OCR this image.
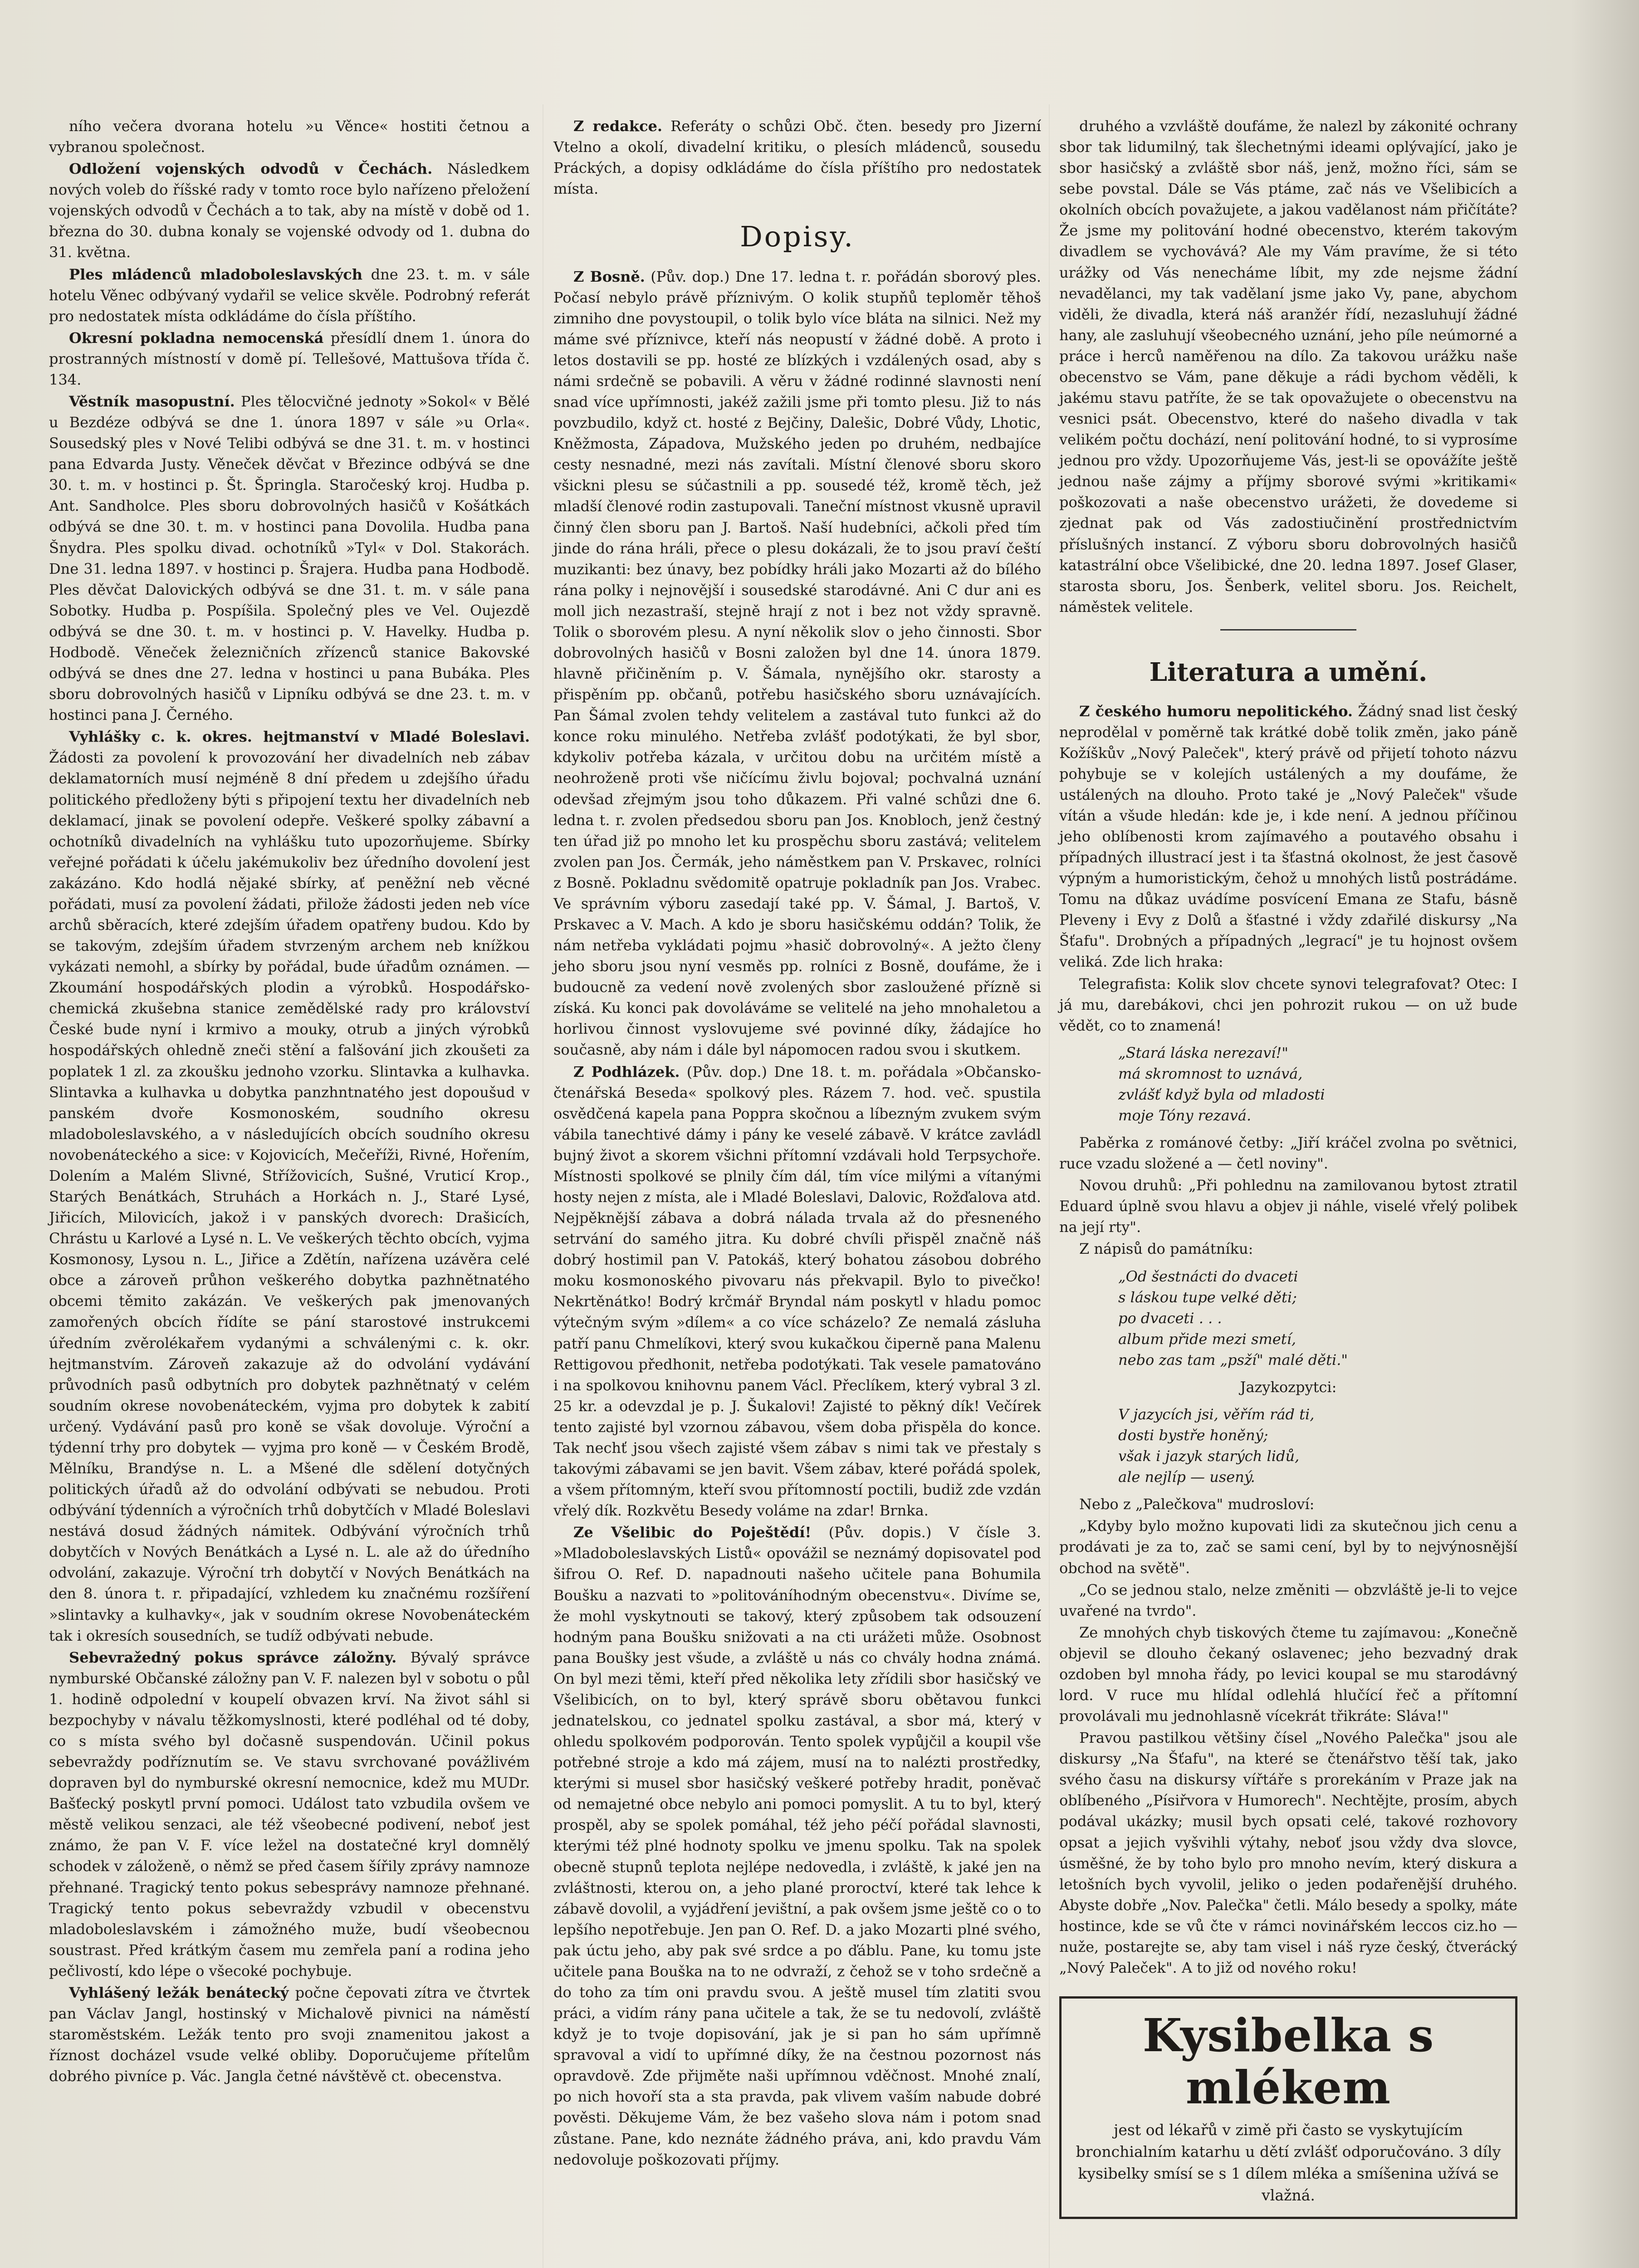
ního večera dvorana hotelu »u Věnce« hostiti četnou a vybranou společnost.

Odložení vojenských odvodů v Čechách. Následkem nových voleb do říšské rady v tomto roce bylo nařízeno přeložení vojenských odvodů v Čechách a to tak, aby na místě v době od 1. března do 30. dubna konaly se vojenské odvody od 1. dubna do 31. května.

Ples mládenců mladoboleslavských dne 23. t. m. v sále hotelu Věnec odbývaný vydařil se velice skvěle. Podrobný referát pro nedostatek místa odkládáme do čísla příštího.

Okresní pokladna nemocenská přesídlí dnem 1. února do prostranných místností v domě pí. Tellešové, Mattušova třída č. 134.

Věstník masopustní. Ples tělocvičné jednoty »Sokol« v Bělé u Bezdéze odbývá se dne 1. února 1897 v sále »u Orla«. Sousedský ples v Nové Telibi odbývá se dne 31. t. m. v hostinci pana Edvarda Justy. Věneček děvčat v Březince odbývá se dne 30. t. m. v hostinci p. Št. Špringla. Staročeský kroj. Hudba p. Ant. Sandholce. Ples sboru dobrovolných hasičů v Košátkách odbývá se dne 30. t. m. v hostinci pana Dovolila. Hudba pana Šnydra. Ples spolku divad. ochotníků »Tyl« v Dol. Stakorách. Dne 31. ledna 1897. v hostinci p. Šrajera. Hudba pana Hodbodě. Ples děvčat Dalovických odbývá se dne 31. t. m. v sále pana Sobotky. Hudba p. Pospíšila. Společný ples ve Vel. Oujezdě odbývá se dne 30. t. m. v hostinci p. V. Havelky. Hudba p. Hodbodě. Věneček železničních zřízenců stanice Bakovské odbývá se dnes dne 27. ledna v hostinci u pana Bubáka. Ples sboru dobrovolných hasičů v Lipníku odbývá se dne 23. t. m. v hostinci pana J. Černého.

Vyhlášky c. k. okres. hejtmanství v Mladé Boleslavi. Žádosti za povolení k provozování her divadelních neb zábav deklamatorních musí nejméně 8 dní předem u zdejšího úřadu politického předloženy býti s připojení textu her divadelních neb deklamací, jinak se povolení odepře. Veškeré spolky zábavní a ochotníků divadelních na vyhlášku tuto upozorňujeme. Sbírky veřejné pořádati k účelu jakémukoliv bez úředního dovolení jest zakázáno. Kdo hodlá nějaké sbírky, ať peněžní neb věcné pořádati, musí za povolení žádati, přilože žádosti jeden neb více archů sběracích, které zdejším úřadem opatřeny budou. Kdo by se takovým, zdejším úřadem stvrzeným archem neb knížkou vykázati nemohl, a sbírky by pořádal, bude úřadům oznámen. — Zkoumání hospodářských plodin a výrobků. Hospodářsko-chemická zkušebna stanice zemědělské rady pro království České bude nyní i krmivo a mouky, otrub a jiných výrobků hospodářských ohledně zneči stění a falšování jich zkoušeti za poplatek 1 zl. za zkoušku jednoho vzorku. Slintavka a kulhavka. Slintavka a kulhavka u dobytka panzhntnatého jest dopoušud v panském dvoře Kosmonoském, soudního okresu mladoboleslavského, a v následujících obcích soudního okresu novobenáteckého a sice: v Kojovicích, Mečeříži, Rivné, Hořením, Dolením a Malém Slivné, Střížovicích, Sušné, Vruticí Krop., Starých Benátkách, Struhách a Horkách n. J., Staré Lysé, Jiřicích, Milovicích, jakož i v panských dvorech: Drašicích, Chrástu u Karlové a Lysé n. L. Ve veškerých těchto obcích, vyjma Kosmonosy, Lysou n. L., Jiřice a Zdětín, nařízena uzávěra celé obce a zároveň průhon veškerého dobytka pazhnětnatého obcemi těmito zakázán. Ve veškerých pak jmenovaných zamořených obcích řídíte se pání starostové instrukcemi úředním zvěrolékařem vydanými a schválenými c. k. okr. hejtmanstvím. Zároveň zakazuje až do odvolání vydávání průvodních pasů odbytních pro dobytek pazhnětnatý v celém soudním okrese novobenáteckém, vyjma pro dobytek k zabití určený. Vydávání pasů pro koně se však dovoluje. Výroční a týdenní trhy pro dobytek — vyjma pro koně — v Českém Brodě, Mělníku, Brandýse n. L. a Mšené dle sdělení dotyčných politických úřadů až do odvolání odbývati se nebudou. Proti odbývání týdenních a výročních trhů dobytčích v Mladé Boleslavi nestává dosud žádných námitek. Odbývání výročních trhů dobytčích v Nových Benátkách a Lysé n. L. ale až do úředního odvolání, zakazuje. Výroční trh dobytčí v Nových Benátkách na den 8. února t. r. připadající, vzhledem ku značnému rozšíření »slintavky a kulhavky«, jak v soudním okrese Novobenáteckém tak i okresích sousedních, se tudíž odbývati nebude.

Sebevražedný pokus správce záložny. Bývalý správce nymburské Občanské záložny pan V. F. nalezen byl v sobotu o půl 1. hodině odpolední v koupelí obvazen krví. Na život sáhl si bezpochyby v návalu těžkomyslnosti, které podléhal od té doby, co s místa svého byl dočasně suspendován. Učinil pokus sebevraždy podříznutím se. Ve stavu svrchované povážlivém dopraven byl do nymburské okresní nemocnice, kdež mu MUDr. Bašťecký poskytl první pomoci. Událost tato vzbudila ovšem ve městě velikou senzaci, ale též všeobecné podivení, neboť jest známo, že pan V. F. více ležel na dostatečné kryl domnělý schodek v záloženě, o němž se před časem šířily zprávy namnoze přehnané. Tragický tento pokus sebesprávy namnoze přehnané. Tragický tento pokus sebevraždy vzbudil v obecenstvu mladoboleslavském i zámožného muže, budí všeobecnou soustrast. Před krátkým časem mu zemřela paní a rodina jeho pečlivostí, kdo lépe o všecoké pochybuje.

Vyhlášený ležák benátecký počne čepovati zítra ve čtvrtek pan Václav Jangl, hostinský v Michalově pivnici na náměstí staroměstském. Ležák tento pro svoji znamenitou jakost a říznost docházel vsude velké obliby. Doporučujeme přítelům dobrého pivníce p. Vác. Jangla četné návštěvě ct. obecenstva.

Z redakce. Referáty o schůzi Obč. čten. besedy pro Jizerní Vtelno a okolí, divadelní kritiku, o plesích mládenců, sousedu Práckých, a dopisy odkládáme do čísla příštího pro nedostatek místa.

Dopisy.

Z Bosně. (Pův. dop.) Dne 17. ledna t. r. pořádán sborový ples. Počasí nebylo právě příznivým. O kolik stupňů teploměr těhoš zimniho dne povystoupil, o tolik bylo více bláta na silnici. Než my máme své příznivce, kteří nás neopustí v žádné době. A proto i letos dostavili se pp. hosté ze blízkých i vzdálených osad, aby s námi srdečně se pobavili. A věru v žádné rodinné slavnosti není snad více upřímnosti, jakéž zažili jsme při tomto plesu. Již to nás povzbudilo, když ct. hosté z Bejčiny, Dalešic, Dobré Vůdy, Lhotic, Kněžmosta, Západova, Mužského jeden po druhém, nedbajíce cesty nesnadné, mezi nás zavítali. Místní členové sboru skoro všickni plesu se súčastnili a pp. sousedé též, kromě těch, jež mladší členové rodin zastupovali. Taneční místnost vkusně upravil činný člen sboru pan J. Bartoš. Naší hudebníci, ačkoli před tím jinde do rána hráli, přece o plesu dokázali, že to jsou praví čeští muzikanti: bez únavy, bez pobídky hráli jako Mozarti až do bílého rána polky i nejnovější i sousedské starodávné. Ani C dur ani es moll jich nezastraší, stejně hrají z not i bez not vždy spravně. Tolik o sborovém plesu. A nyní několik slov o jeho činnosti. Sbor dobrovolných hasičů v Bosni založen byl dne 14. února 1879. hlavně přičiněním p. V. Šámala, nynějšího okr. starosty a přispěním pp. občanů, potřebu hasičského sboru uznávajících. Pan Šámal zvolen tehdy velitelem a zastával tuto funkci až do konce roku minulého. Netřeba zvlášť podotýkati, že byl sbor, kdykoliv potřeba kázala, v určitou dobu na určitém místě a neohroženě proti vše ničícímu živlu bojoval; pochvalná uznání odevšad zřejmým jsou toho důkazem. Při valné schůzi dne 6. ledna t. r. zvolen předsedou sboru pan Jos. Knobloch, jenž čestný ten úřad již po mnoho let ku prospěchu sboru zastává; velitelem zvolen pan Jos. Čermák, jeho náměstkem pan V. Prskavec, rolníci z Bosně. Pokladnu svědomitě opatruje pokladník pan Jos. Vrabec. Ve správním výboru zasedají také pp. V. Šámal, J. Bartoš, V. Prskavec a V. Mach. A kdo je sboru hasičskému oddán? Tolik, že nám netřeba vykládati pojmu »hasič dobrovolný«. A ježto členy jeho sboru jsou nyní vesměs pp. rolníci z Bosně, doufáme, že i budoucně za vedení nově zvolených sbor zasloužené přízně si získá. Ku konci pak dovoláváme se velitelé na jeho mnohaletou a horlivou činnost vyslovujeme své povinné díky, žádajíce ho současně, aby nám i dále byl nápomocen radou svou i skutkem.

Z Podhlázek. (Pův. dop.) Dne 18. t. m. pořádala »Občansko-čtenářská Beseda« spolkový ples. Rázem 7. hod. več. spustila osvědčená kapela pana Poppra skočnou a líbezným zvukem svým vábila tanechtivé dámy i pány ke veselé zábavě. V krátce zavládl bujný život a skorem všichni přítomní vzdávali hold Terpsychoře. Místnosti spolkové se plnily čím dál, tím více milými a vítanými hosty nejen z místa, ale i Mladé Boleslavi, Dalovic, Rožďalova atd. Nejpěknější zábava a dobrá nálada trvala až do přesneného setrvání do samého jitra. Ku dobré chvíli přispěl značně náš dobrý hostimil pan V. Patokáš, který bohatou zásobou dobrého moku kosmonoského pivovaru nás překvapil. Bylo to pivečko! Nekrtěnátko! Bodrý krčmář Bryndal nám poskytl v hladu pomoc výtečným svým »dílem« a co více scházelo? Ze nemalá zásluha patří panu Chmelíkovi, který svou kukačkou čiperně pana Malenu Rettigovou předhonit, netřeba podotýkati. Tak vesele pamatováno i na spolkovou knihovnu panem Václ. Přeclíkem, který vybral 3 zl. 25 kr. a odevzdal je p. J. Šukalovi! Zajisté to pěkný dík! Večírek tento zajisté byl vzornou zábavou, všem doba přispěla do konce. Tak nechť jsou všech zajisté všem zábav s nimi tak ve přestaly s takovými zábavami se jen bavit. Všem zábav, které pořádá spolek, a všem přítomným, kteří svou přítomností poctili, budiž zde vzdán vřelý dík. Rozkvětu Besedy voláme na zdar! Brnka.

Ze Všelibic do Poještědí! (Pův. dopis.) V čísle 3. »Mladoboleslavských Listů« opovážil se neznámý dopisovatel pod šifrou O. Ref. D. napadnouti našeho učitele pana Bohumila Boušku a nazvati to »politováníhodným obecenstvu«. Divíme se, že mohl vyskytnouti se takový, který způsobem tak odsouzení hodným pana Boušku snižovati a na cti urážeti může. Osobnost pana Boušky jest všude, a zvláště u nás co chvály hodna známá. On byl mezi těmi, kteří před několika lety zřídili sbor hasičský ve Všelibicích, on to byl, který správě sboru obětavou funkci jednatelskou, co jednatel spolku zastával, a sbor má, který v ohledu spolkovém podporován. Tento spolek vypůjčil a koupil vše potřebné stroje a kdo má zájem, musí na to nalézti prostředky, kterými si musel sbor hasičský veškeré potřeby hradit, poněvač od nemajetné obce nebylo ani pomoci pomyslit. A tu to byl, který prospěl, aby se spolek pomáhal, též jeho péčí pořádal slavnosti, kterými též plné hodnoty spolku ve jmenu spolku. Tak na spolek obecně stupnů teplota nejlépe nedovedla, i zvláště, k jaké jen na zvláštnosti, kterou on, a jeho plané proroctví, které tak lehce k zábavě dovolil, a vyjádření jevištní, a pak ovšem jsme ještě co o to lepšího nepotřebuje. Jen pan O. Ref. D. a jako Mozarti plné svého, pak úctu jeho, aby pak své srdce a po ďáblu. Pane, ku tomu jste učitele pana Bouška na to ne odvraží, z čehož se v toho srdečně a do toho za tím oni pravdu svou. A ještě musel tím zlatiti svou práci, a vidím rány pana učitele a tak, že se tu nedovolí, zvláště když je to tvoje dopisování, jak je si pan ho sám upřímně spravoval a vidí to upřímné díky, že na čestnou pozornost nás opravdově. Zde přijměte naši upřímnou vděčnost. Mnohé znalí, po nich hovoří sta a sta pravda, pak vlivem vaším nabude dobré pověsti. Děkujeme Vám, že bez vašeho slova nám i potom snad zůstane. Pane, kdo neznáte žádného práva, ani, kdo pravdu Vám nedovoluje poškozovati příjmy.

druhého a vzvláště doufáme, že nalezl by zákonité ochrany sbor tak lidumilný, tak šlechetnými ideami oplývající, jako je sbor hasičský a zvláště sbor náš, jenž, možno říci, sám se sebe povstal. Dále se Vás ptáme, zač nás ve Všelibicích a okolních obcích považujete, a jakou vadělanost nám přičítáte? Že jsme my politování hodné obecenstvo, kterém takovým divadlem se vychovává? Ale my Vám pravíme, že si této urážky od Vás nenecháme líbit, my zde nejsme žádní nevadělanci, my tak vadělaní jsme jako Vy, pane, abychom viděli, že divadla, která náš aranžér řídí, nezasluhují žádné hany, ale zasluhují všeobecného uznání, jeho píle neúmorné a práce i herců naměřenou na dílo. Za takovou urážku naše obecenstvo se Vám, pane děkuje a rádi bychom věděli, k jakému stavu patříte, že se tak opovažujete o obecenstvu na vesnici psát. Obecenstvo, které do našeho divadla v tak velikém počtu dochází, není politování hodné, to si vyprosíme jednou pro vždy. Upozorňujeme Vás, jest-li se opovážíte ještě jednou naše zájmy a příjmy sborové svými »kritikami« poškozovati a naše obecenstvo urážeti, že dovedeme si zjednat pak od Vás zadostiučinění prostřednictvím příslušných instancí. Z výboru sboru dobrovolných hasičů katastrální obce Všelibické, dne 20. ledna 1897. Josef Glaser, starosta sboru, Jos. Šenberk, velitel sboru. Jos. Reichelt, náměstek velitele.

Literatura a umění.

Z českého humoru nepolitického. Žádný snad list český neprodělal v poměrně tak krátké době tolik změn, jako páně Kožíškův „Nový Paleček", který právě od přijetí tohoto názvu pohybuje se v kolejích ustálených a my doufáme, že ustálených na dlouho. Proto také je „Nový Paleček" všude vítán a všude hledán: kde je, i kde není. A jednou příčinou jeho oblíbenosti krom zajímavého a poutavého obsahu i případných illustrací jest i ta šťastná okolnost, že jest časově výpným a humoristickým, čehož u mnohých listů postrádáme. Tomu na důkaz uvádíme posvícení Emana ze Stafu, básně Pleveny i Evy z Dolů a šťastné i vždy zdařilé diskursy „Na Šťafu". Drobných a případných „legrací" je tu hojnost ovšem veliká. Zde lich hraka:

Telegrafista: Kolik slov chcete synovi telegrafovat? Otec: I já mu, darebákovi, chci jen pohrozit rukou — on už bude vědět, co to znamená!

„Stará láska nerezaví!"
má skromnost to uznává,
zvlášť když byla od mladosti
moje Tóny rezavá.

Paběrka z románové četby: „Jiří kráčel zvolna po světnici, ruce vzadu složené a — četl noviny".

Novou druhů: „Při pohlednu na zamilovanou bytost ztratil Eduard úplně svou hlavu a objev ji náhle, viselé vřelý polibek na její rty".

Z nápisů do památníku:

„Od šestnácti do dvaceti
s láskou tupe velké děti;
po dvaceti . . .
album přide mezi smetí,
nebo zas tam „psží" malé děti."

Jazykozpytci:

V jazycích jsi, věřím rád ti,
dosti bystře honěný;
však i jazyk starých lidů,
ale nejlíp — usený.

Nebo z „Palečkova" mudrosloví:

„Kdyby bylo možno kupovati lidi za skutečnou jich cenu a prodávati je za to, zač se sami cení, byl by to nejvýnosnější obchod na světě".

„Co se jednou stalo, nelze změniti — obzvláště je-li to vejce uvařené na tvrdo".

Ze mnohých chyb tiskových čteme tu zajímavou: „Konečně objevil se dlouho čekaný oslavenec; jeho bezvadný drak ozdoben byl mnoha řády, po levici koupal se mu starodávný lord. V ruce mu hlídal odlehlá hlučící řeč a přítomní provolávali mu jednohlasně vícekrát třikráte: Sláva!"

Pravou pastilkou většiny čísel „Nového Palečka" jsou ale diskursy „Na Šťafu", na které se čtenářstvo těší tak, jako svého času na diskursy vířtáře s prorekáním v Praze jak na oblíbeného „Písiřvora v Humorech". Nechtějte, prosím, abych podával ukázky; musil bych opsati celé, takové rozhovory opsat a jejich vyšvihli výtahy, neboť jsou vždy dva slovce, úsměšné, že by toho bylo pro mnoho nevím, který diskura a letošních bych vyvolil, jeliko o jeden podařenější druhého. Abyste dobře „Nov. Palečka" četli. Málo besedy a spolky, máte hostince, kde se vů čte v rámci novinářském leccos ciz.ho — nuže, postarejte se, aby tam visel i náš ryze český, čtverácký „Nový Paleček". A to již od nového roku!

Kysibelka s mlékem
jest od lékařů v zimě při často se vyskytujícím bronchialním katarhu u dětí zvlášť odporučováno. 3 díly kysibelky smísí se s 1 dílem mléka a smíšenina užívá se vlažná.
